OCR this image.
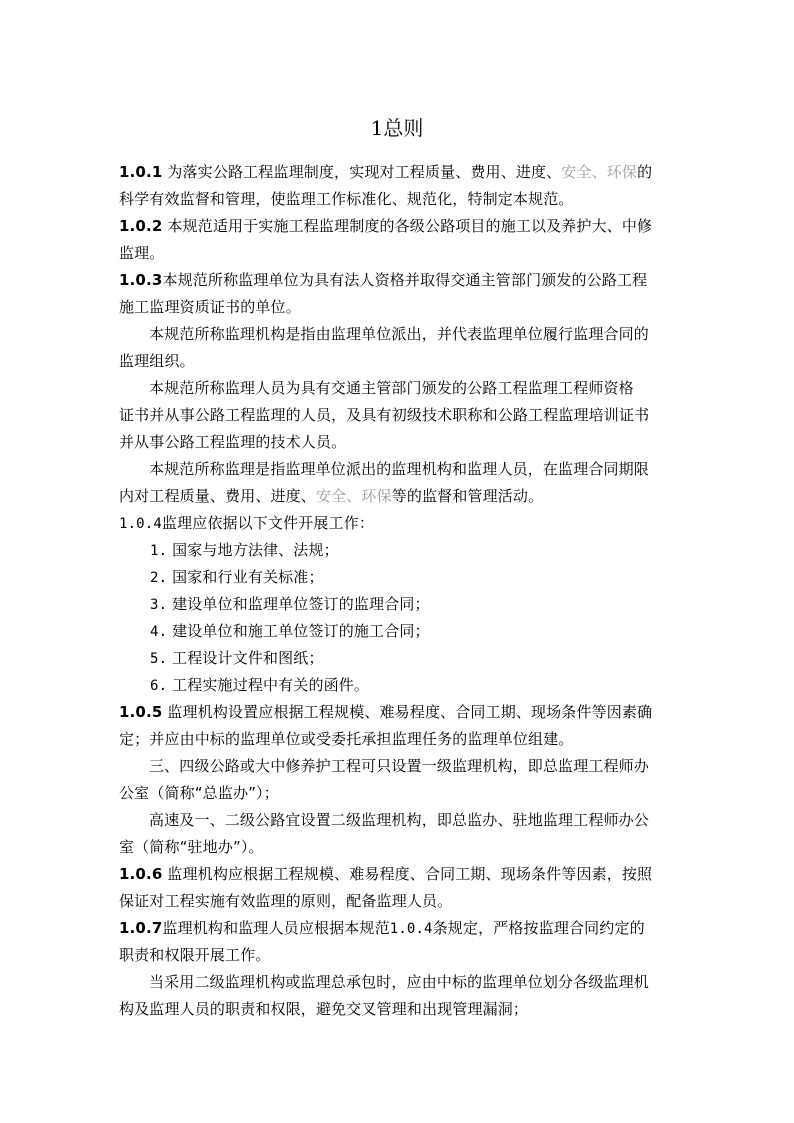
1总则
1.0.1 为落实公路工程监理制度，实现对工程质量、费用、进度、安全、环保的
科学有效监督和管理，使监理工作标准化、规范化，特制定本规范。
1.0.2 本规范适用于实施工程监理制度的各级公路项目的施工以及养护大、中修
监理。
1.0.3本规范所称监理单位为具有法人资格并取得交通主管部门颁发的公路工程
施工监理资质证书的单位。
本规范所称监理机构是指由监理单位派出，并代表监理单位履行监理合同的
监理组织。
本规范所称监理人员为具有交通主管部门颁发的公路工程监理工程师资格
证书并从事公路工程监理的人员，及具有初级技术职称和公路工程监理培训证书
并从事公路工程监理的技术人员。
本规范所称监理是指监理单位派出的监理机构和监理人员，在监理合同期限
内对工程质量、费用、进度、安全、环保等的监督和管理活动。
1.0.4监理应依据以下文件开展工作：
1. 国家与地方法律、法规；
2. 国家和行业有关标准；
3. 建设单位和监理单位签订的监理合同；
4. 建设单位和施工单位签订的施工合同；
5. 工程设计文件和图纸；
6. 工程实施过程中有关的函件。
1.0.5 监理机构设置应根据工程规模、难易程度、合同工期、现场条件等因素确
定；并应由中标的监理单位或受委托承担监理任务的监理单位组建。
三、四级公路或大中修养护工程可只设置一级监理机构，即总监理工程师办
公室（简称“总监办”）；
高速及一、二级公路宜设置二级监理机构，即总监办、驻地监理工程师办公
室（简称“驻地办”）。
1.0.6 监理机构应根据工程规模、难易程度、合同工期、现场条件等因素，按照
保证对工程实施有效监理的原则，配备监理人员。
1.0.7监理机构和监理人员应根据本规范1.0.4条规定，严格按监理合同约定的
职责和权限开展工作。
当采用二级监理机构或监理总承包时，应由中标的监理单位划分各级监理机
构及监理人员的职责和权限，避免交叉管理和出现管理漏洞；
